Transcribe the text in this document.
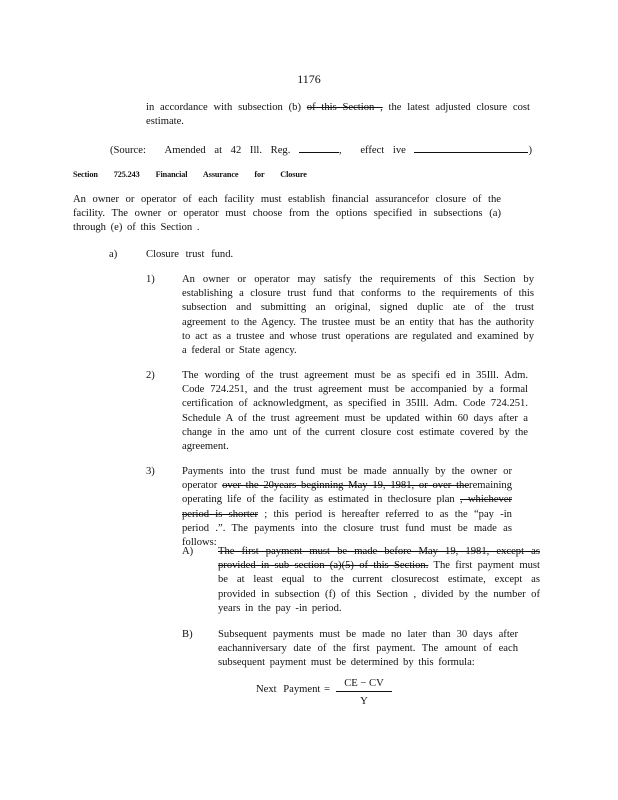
1176
in accordance with subsection (b) of this Section , the latest adjusted closure cost estimate.
(Source: Amended at 42 Ill. Reg.	, effect ive	)
Section 725.243 Financial Assurance for Closure
An owner or operator of each facility must establish financial assurancefor closure of the facility. The owner or operator must choose from the options specified in subsections (a) through (e) of this Section .
a)	Closure trust fund.
1)	An owner or operator may satisfy the requirements of this Section by establishing a closure trust fund that conforms to the requirements of this subsection and submitting an original, signed duplic ate of the trust agreement to the Agency. The trustee must be an entity that has the authority to act as a trustee and whose trust operations are regulated and examined by a federal or State agency.
2)	The wording of the trust agreement must be as specifi ed in 35Ill. Adm. Code 724.251, and the trust agreement must be accompanied by a formal certification of acknowledgment, as specified in 35Ill. Adm. Code 724.251. Schedule A of the trust agreement must be updated within 60 days after a change in the amo unt of the current closure cost estimate covered by the agreement.
3)	Payments into the trust fund must be made annually by the owner or operator over the 20years beginning May 19, 1981, or over theremaining operating life of the facility as estimated in theclosure plan , whichever period is shorter ; this period is hereafter referred to as the “pay -in period .”. The payments into the closure trust fund must be made as follows:
A) The first payment must be made before May 19, 1981, except as provided in sub section (a)(5) of this Section. The first payment must be at least equal to the current closurecost estimate, except as provided in subsection (f) of this Section , divided by the number of years in the pay -in period.
B) Subsequent payments must be made no later than 30 days after eachanniversary date of the first payment. The amount of each subsequent payment must be determined by this formula:
Next Payment = $\frac{CE - CV}{Y}$
